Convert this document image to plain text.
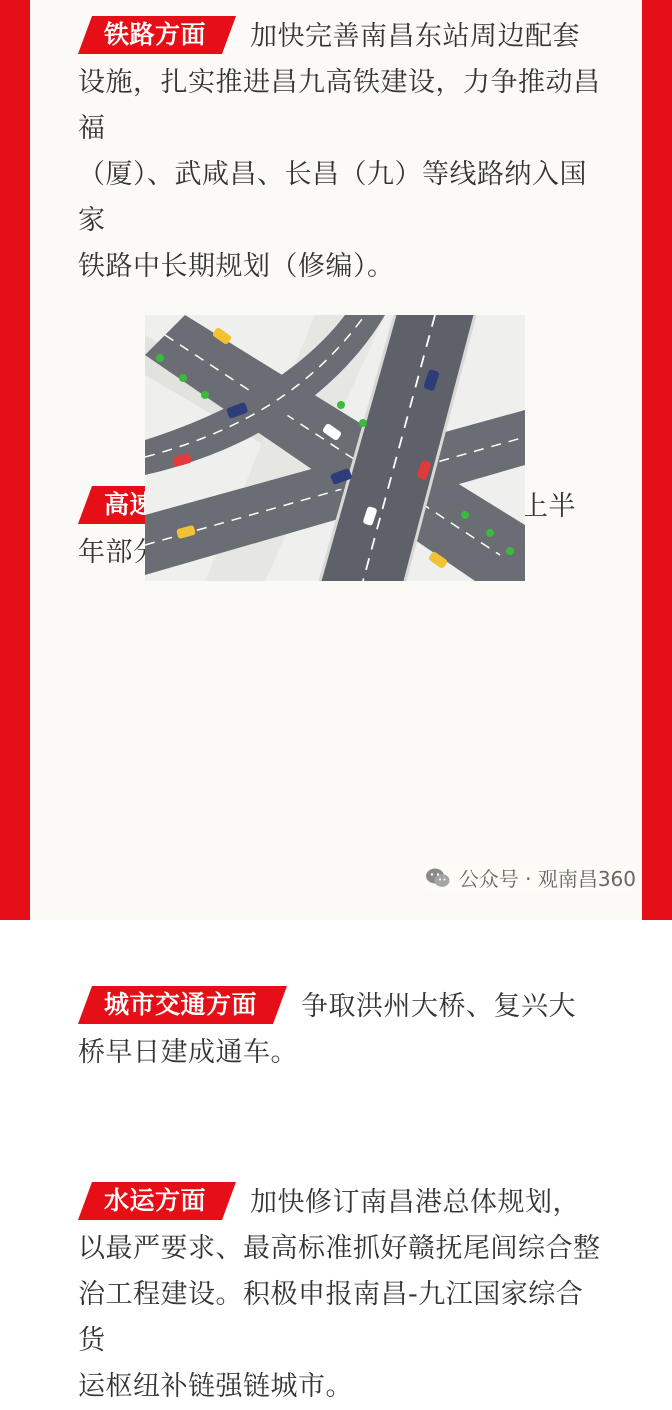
铁路方面 加快完善南昌东站周边配套
设施，扎实推进昌九高铁建设，力争推动昌福
（厦）、武咸昌、长昌（九）等线路纳入国家
铁路中长期规划（修编）。
城市交通方面 争取洪州大桥、复兴大
桥早日建成通车。
水运方面 加快修订南昌港总体规划，
以最严要求、最高标准抓好赣抚尾闾综合整
治工程建设。积极申报南昌-九江国家综合货
运枢纽补链强链城市。
公众号 · 观南昌360
